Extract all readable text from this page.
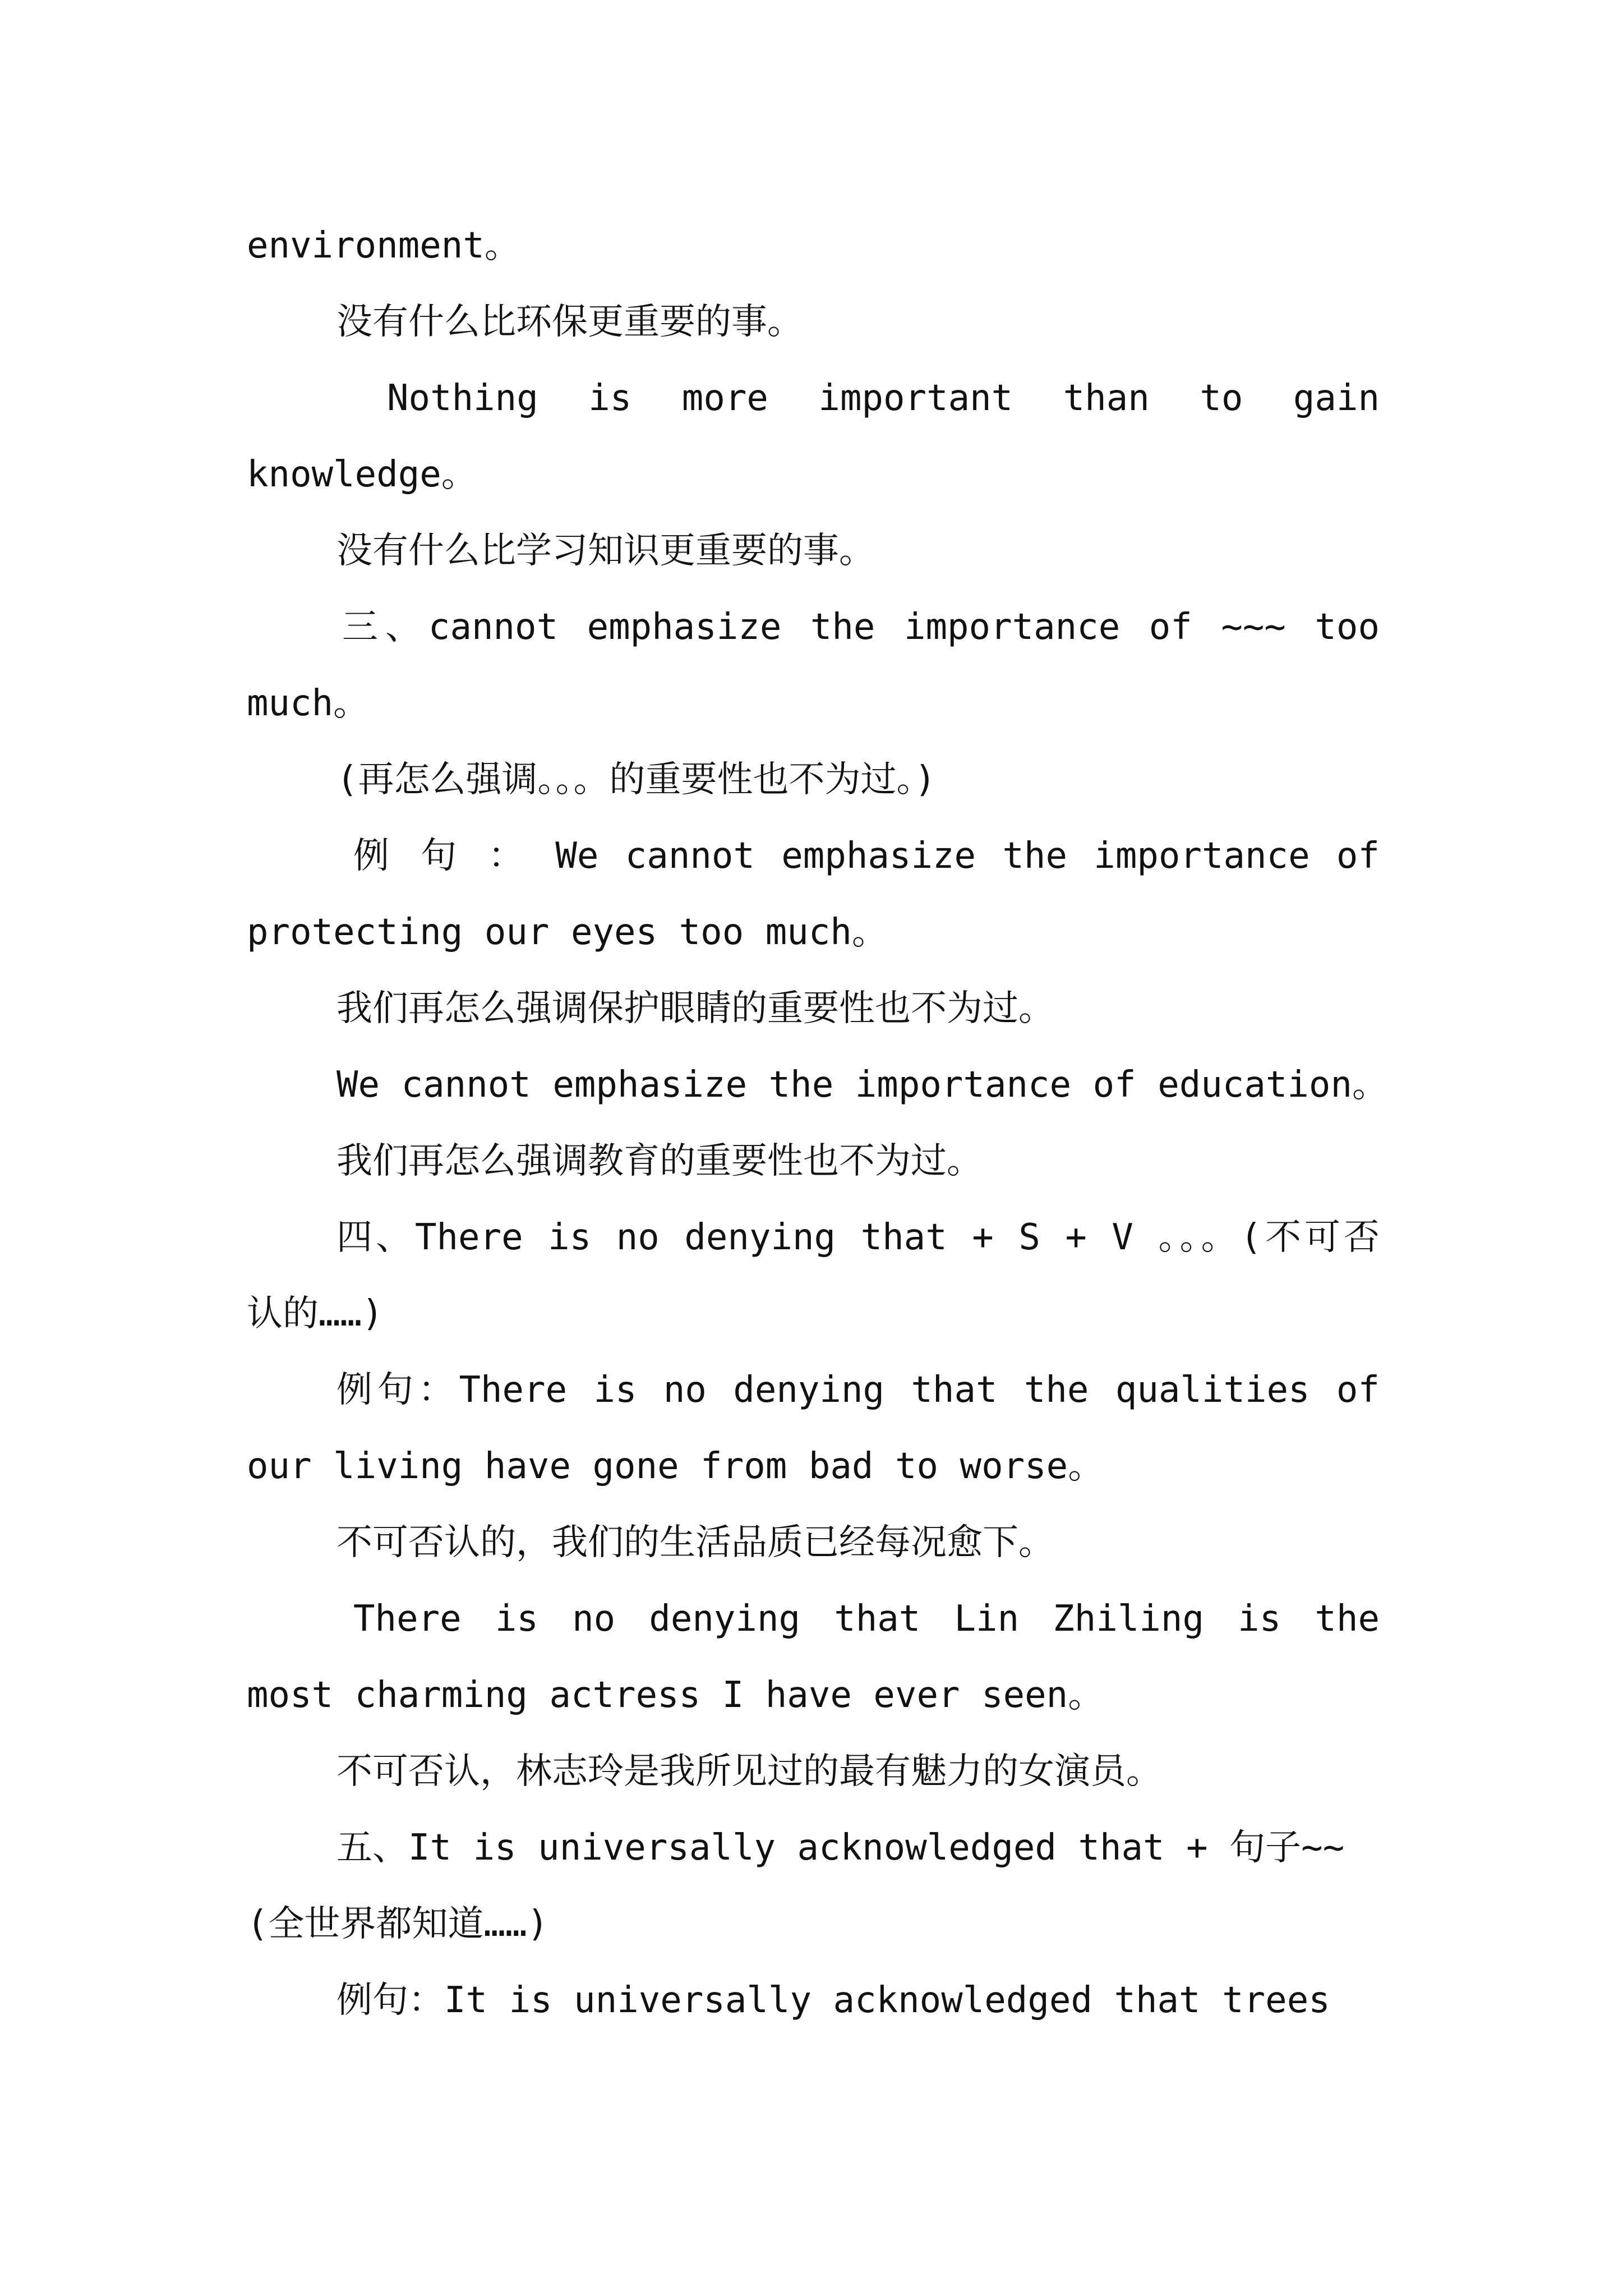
environment。
没有什么比环保更重要的事。
Nothing is more important than to gain
knowledge。
没有什么比学习知识更重要的事。
三、cannot emphasize the importance of ~~~ too
much。
(再怎么强调。。。的重要性也不为过。)
例 句 ： We cannot emphasize the importance of
protecting our eyes too much。
我们再怎么强调保护眼睛的重要性也不为过。
We cannot emphasize the importance of education。
我们再怎么强调教育的重要性也不为过。
四、There is no denying that + S + V 。。。(不可否
认的……)
例句：There is no denying that the qualities of
our living have gone from bad to worse。
不可否认的，我们的生活品质已经每况愈下。
There is no denying that Lin Zhiling is the
most charming actress I have ever seen。
不可否认，林志玲是我所见过的最有魅力的女演员。
五、It is universally acknowledged that + 句子~~
(全世界都知道……)
例句：It is universally acknowledged that trees
